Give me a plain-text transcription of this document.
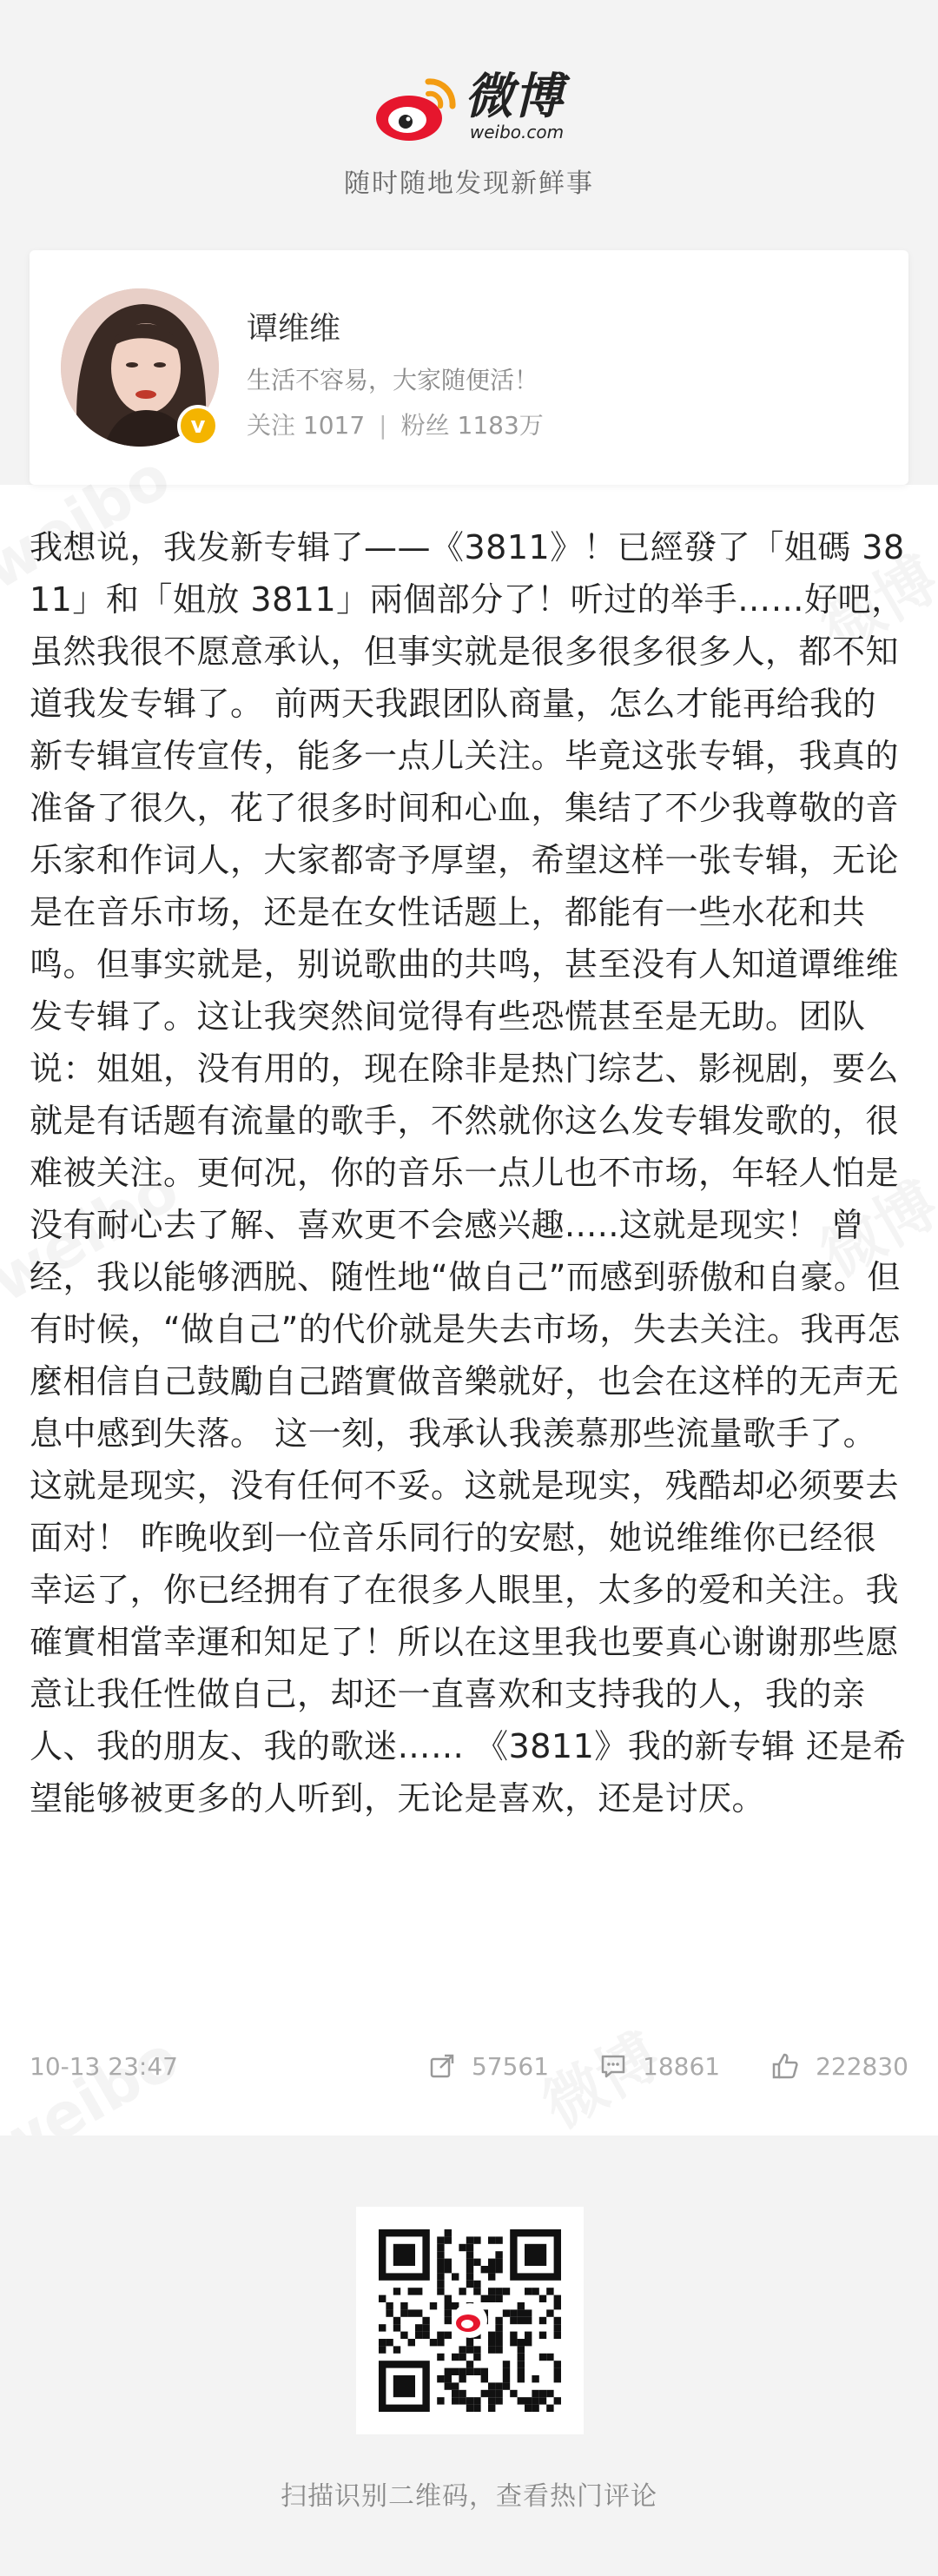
微博
weibo.com
随时随地发现新鲜事
v
谭维维
生活不容易，大家随便活！
关注 1017 | 粉丝 1183万
我想说，我发新专辑了——《3811》！已經發了「姐碼 3811」和「姐放 3811」兩個部分了！听过的举手……好吧，虽然我很不愿意承认，但事实就是很多很多很多人，都不知道我发专辑了。 前两天我跟团队商量，怎么才能再给我的新专辑宣传宣传，能多一点儿关注。毕竟这张专辑，我真的准备了很久，花了很多时间和心血，集结了不少我尊敬的音乐家和作词人，大家都寄予厚望，希望这样一张专辑，无论是在音乐市场，还是在女性话题上，都能有一些水花和共鸣。但事实就是，别说歌曲的共鸣，甚至没有人知道谭维维发专辑了。这让我突然间觉得有些恐慌甚至是无助。团队说：姐姐，没有用的，现在除非是热门综艺、影视剧，要么就是有话题有流量的歌手，不然就你这么发专辑发歌的，很难被关注。更何况，你的音乐一点儿也不市场，年轻人怕是没有耐心去了解、喜欢更不会感兴趣.....这就是现实！ 曾经，我以能够洒脱、随性地“做自己”而感到骄傲和自豪。但有时候，“做自己”的代价就是失去市场，失去关注。我再怎麼相信自己鼓勵自己踏實做音樂就好，也会在这样的无声无息中感到失落。 这一刻，我承认我羡慕那些流量歌手了。这就是现实，没有任何不妥。这就是现实，残酷却必须要去面对！ 昨晚收到一位音乐同行的安慰，她说维维你已经很幸运了，你已经拥有了在很多人眼里，太多的爱和关注。我確實相當幸運和知足了！所以在这里我也要真心谢谢那些愿意让我任性做自己，却还一直喜欢和支持我的人，我的亲人、我的朋友、我的歌迷…… 《3811》我的新专辑 还是希望能够被更多的人听到，无论是喜欢，还是讨厌。
10-13 23:47	57561	18861	222830
扫描识别二维码，查看热门评论
